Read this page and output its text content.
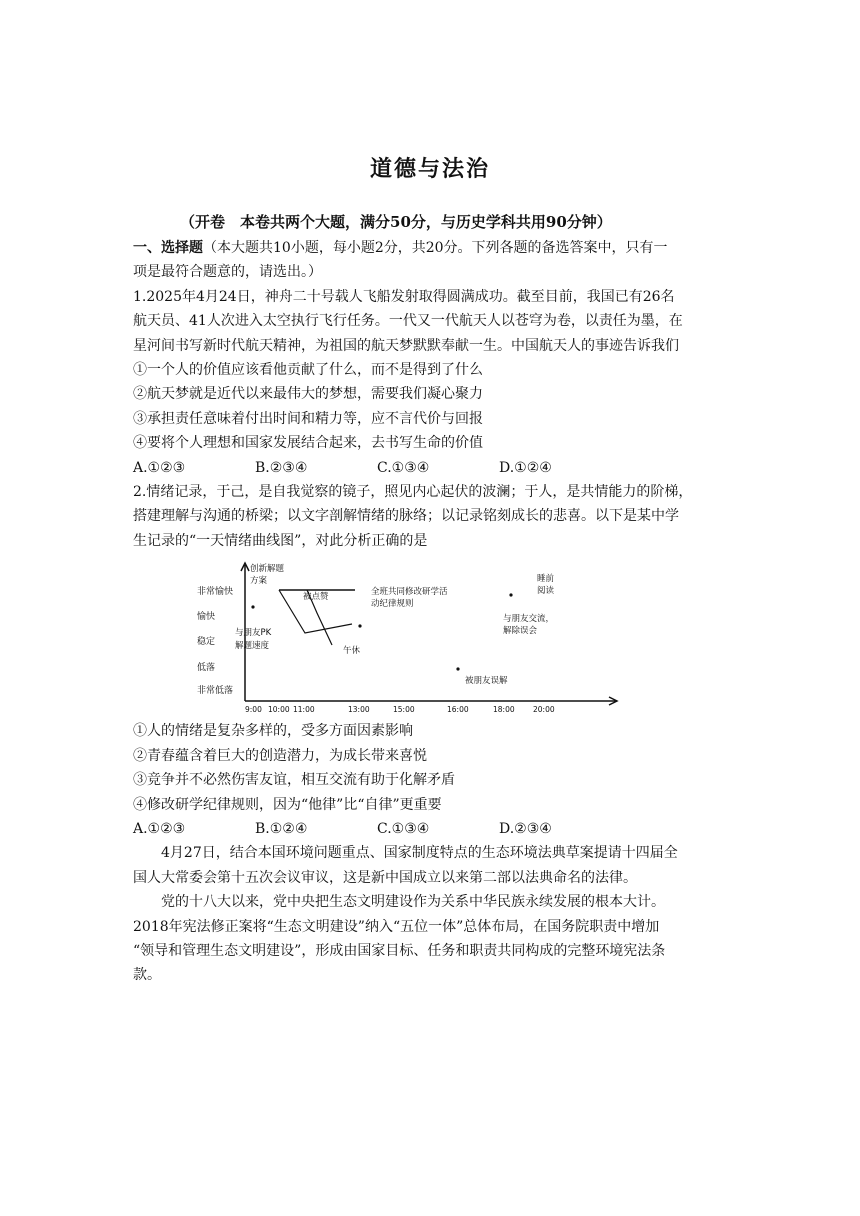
道德与法治
（开卷　本卷共两个大题，满分50分，与历史学科共用90分钟）
一、选择题（本大题共10小题，每小题2分，共20分。下列各题的备选答案中，只有一
项是最符合题意的，请选出。）
1.2025年4月24日，神舟二十号载人飞船发射取得圆满成功。截至目前，我国已有26名
航天员、41人次进入太空执行飞行任务。一代又一代航天人以苍穹为卷，以责任为墨，在
星河间书写新时代航天精神，为祖国的航天梦默默奉献一生。中国航天人的事迹告诉我们
①一个人的价值应该看他贡献了什么，而不是得到了什么
②航天梦就是近代以来最伟大的梦想，需要我们凝心聚力
③承担责任意味着付出时间和精力等，应不言代价与回报
④要将个人理想和国家发展结合起来，去书写生命的价值
A.①②③	B.②③④	C.①③④	D.①②④
2.情绪记录，于己，是自我觉察的镜子，照见内心起伏的波澜；于人，是共情能力的阶梯，
搭建理解与沟通的桥梁；以文字剖解情绪的脉络；以记录铭刻成长的悲喜。以下是某中学
生记录的“一天情绪曲线图”，对此分析正确的是
非常愉快
愉快
稳定
低落
非常低落
9:00 10:00 11:00	13:00	15:00	16:00	18:00 20:00
创新解题
方案
全班共同修改研学活
动纪律规则
被点赞
与朋友PK
解题速度	午休
与朋友交流，
解除误会
睡前
阅读
被朋友误解
①人的情绪是复杂多样的，受多方面因素影响
②青春蕴含着巨大的创造潜力，为成长带来喜悦
③竞争并不必然伤害友谊，相互交流有助于化解矛盾
④修改研学纪律规则，因为“他律”比“自律”更重要
A.①②③	B.①②④	C.①③④	D.②③④
4月27日，结合本国环境问题重点、国家制度特点的生态环境法典草案提请十四届全
国人大常委会第十五次会议审议，这是新中国成立以来第二部以法典命名的法律。
党的十八大以来，党中央把生态文明建设作为关系中华民族永续发展的根本大计。
2018年宪法修正案将“生态文明建设”纳入“五位一体”总体布局，在国务院职责中增加
“领导和管理生态文明建设”，形成由国家目标、任务和职责共同构成的完整环境宪法条
款。
